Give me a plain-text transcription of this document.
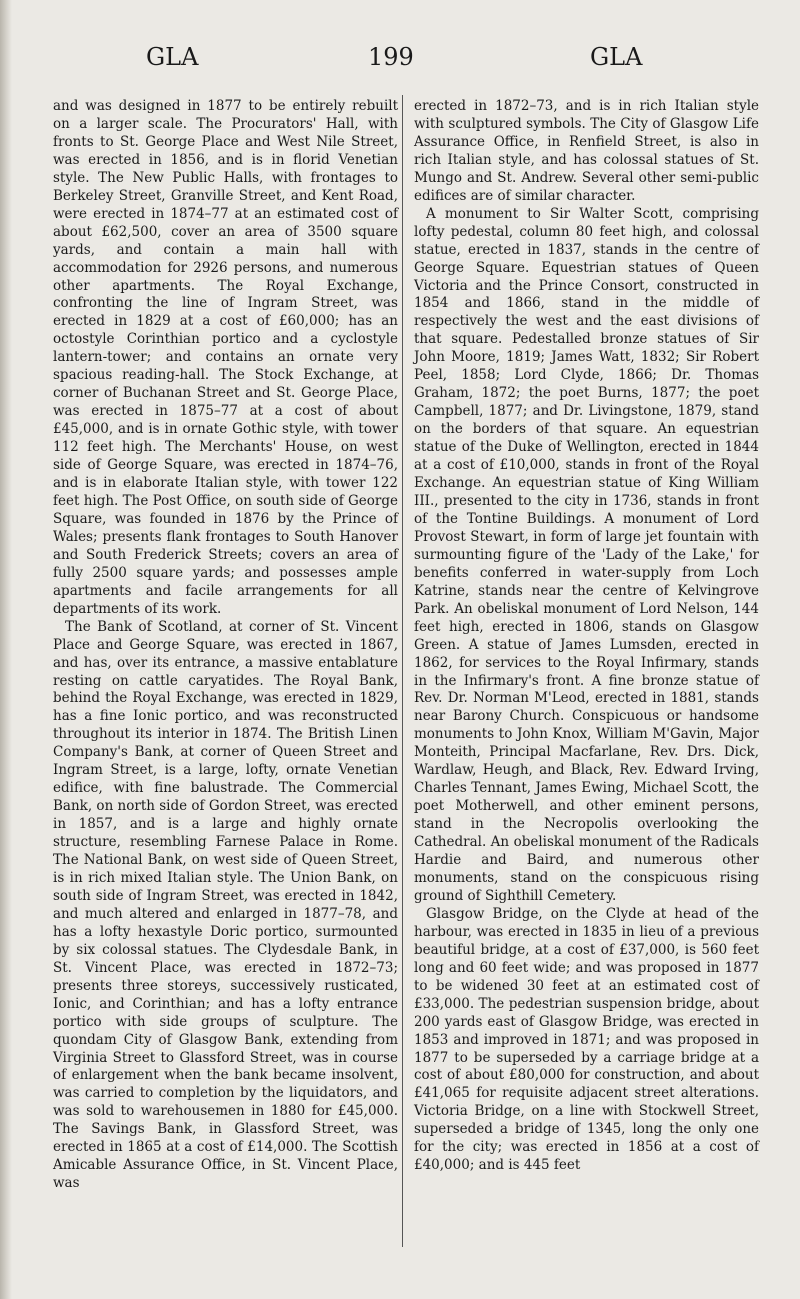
GLA	199	GLA

and was designed in 1877 to be entirely rebuilt on a larger scale. The Procurators' Hall, with fronts to St. George Place and West Nile Street, was erected in 1856, and is in florid Venetian style. The New Public Halls, with frontages to Berkeley Street, Granville Street, and Kent Road, were erected in 1874–77 at an estimated cost of about £62,500, cover an area of 3500 square yards, and contain a main hall with accommodation for 2926 persons, and numerous other apartments. The Royal Exchange, confronting the line of Ingram Street, was erected in 1829 at a cost of £60,000; has an octostyle Corinthian portico and a cyclostyle lantern-tower; and contains an ornate very spacious reading-hall. The Stock Exchange, at corner of Buchanan Street and St. George Place, was erected in 1875–77 at a cost of about £45,000, and is in ornate Gothic style, with tower 112 feet high. The Merchants' House, on west side of George Square, was erected in 1874–76, and is in elaborate Italian style, with tower 122 feet high. The Post Office, on south side of George Square, was founded in 1876 by the Prince of Wales; presents flank frontages to South Hanover and South Frederick Streets; covers an area of fully 2500 square yards; and possesses ample apartments and facile arrangements for all departments of its work.

The Bank of Scotland, at corner of St. Vincent Place and George Square, was erected in 1867, and has, over its entrance, a massive entablature resting on cattle caryatides. The Royal Bank, behind the Royal Exchange, was erected in 1829, has a fine Ionic portico, and was reconstructed throughout its interior in 1874. The British Linen Company's Bank, at corner of Queen Street and Ingram Street, is a large, lofty, ornate Venetian edifice, with fine balustrade. The Commercial Bank, on north side of Gordon Street, was erected in 1857, and is a large and highly ornate structure, resembling Farnese Palace in Rome. The National Bank, on west side of Queen Street, is in rich mixed Italian style. The Union Bank, on south side of Ingram Street, was erected in 1842, and much altered and enlarged in 1877–78, and has a lofty hexastyle Doric portico, surmounted by six colossal statues. The Clydesdale Bank, in St. Vincent Place, was erected in 1872–73; presents three storeys, successively rusticated, Ionic, and Corinthian; and has a lofty entrance portico with side groups of sculpture. The quondam City of Glasgow Bank, extending from Virginia Street to Glassford Street, was in course of enlargement when the bank became insolvent, was carried to completion by the liquidators, and was sold to warehousemen in 1880 for £45,000. The Savings Bank, in Glassford Street, was erected in 1865 at a cost of £14,000. The Scottish Amicable Assurance Office, in St. Vincent Place, was

erected in 1872–73, and is in rich Italian style with sculptured symbols. The City of Glasgow Life Assurance Office, in Renfield Street, is also in rich Italian style, and has colossal statues of St. Mungo and St. Andrew. Several other semi-public edifices are of similar character.

A monument to Sir Walter Scott, comprising lofty pedestal, column 80 feet high, and colossal statue, erected in 1837, stands in the centre of George Square. Equestrian statues of Queen Victoria and the Prince Consort, constructed in 1854 and 1866, stand in the middle of respectively the west and the east divisions of that square. Pedestalled bronze statues of Sir John Moore, 1819; James Watt, 1832; Sir Robert Peel, 1858; Lord Clyde, 1866; Dr. Thomas Graham, 1872; the poet Burns, 1877; the poet Campbell, 1877; and Dr. Livingstone, 1879, stand on the borders of that square. An equestrian statue of the Duke of Wellington, erected in 1844 at a cost of £10,000, stands in front of the Royal Exchange. An equestrian statue of King William III., presented to the city in 1736, stands in front of the Tontine Buildings. A monument of Lord Provost Stewart, in form of large jet fountain with surmounting figure of the 'Lady of the Lake,' for benefits conferred in water-supply from Loch Katrine, stands near the centre of Kelvingrove Park. An obeliskal monument of Lord Nelson, 144 feet high, erected in 1806, stands on Glasgow Green. A statue of James Lumsden, erected in 1862, for services to the Royal Infirmary, stands in the Infirmary's front. A fine bronze statue of Rev. Dr. Norman M'Leod, erected in 1881, stands near Barony Church. Conspicuous or handsome monuments to John Knox, William M'Gavin, Major Monteith, Principal Macfarlane, Rev. Drs. Dick, Wardlaw, Heugh, and Black, Rev. Edward Irving, Charles Tennant, James Ewing, Michael Scott, the poet Motherwell, and other eminent persons, stand in the Necropolis overlooking the Cathedral. An obeliskal monument of the Radicals Hardie and Baird, and numerous other monuments, stand on the conspicuous rising ground of Sighthill Cemetery.

Glasgow Bridge, on the Clyde at head of the harbour, was erected in 1835 in lieu of a previous beautiful bridge, at a cost of £37,000, is 560 feet long and 60 feet wide; and was proposed in 1877 to be widened 30 feet at an estimated cost of £33,000. The pedestrian suspension bridge, about 200 yards east of Glasgow Bridge, was erected in 1853 and improved in 1871; and was proposed in 1877 to be superseded by a carriage bridge at a cost of about £80,000 for construction, and about £41,065 for requisite adjacent street alterations. Victoria Bridge, on a line with Stockwell Street, superseded a bridge of 1345, long the only one for the city; was erected in 1856 at a cost of £40,000; and is 445 feet
